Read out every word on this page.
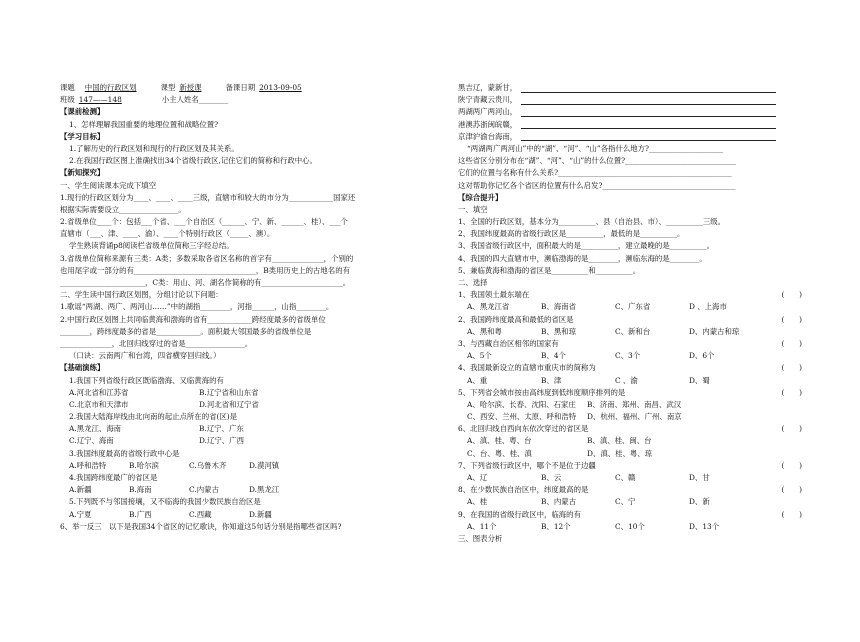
课题 中国的行政区划	课型 新授课	备课日期 2013-09-05
班级 147——148	小主人姓名________
【课前检测】
1、怎样理解我国重要的地理位置和战略位置?
【学习目标】
1.了解历史的行政区划和现行的行政区划及其关系。
2.在我国行政区图上准确找出34个省级行政区,记住它们的简称和行政中心。
【新知探究】
一、学生阅读课本完成下填空
1.现行的行政区划分为____、____、____三级，直辖市和较大的市分为____________国家还
根据实际需要设立________________。
2.省级单位____个：包括___个省、___个自治区（______、宁、新、______、桂）、___个
直辖市（___、津、____、渝）、____个特别行政区（_____、澳）。
学生熟读背诵p8阅读栏省级单位简称三字经总结。
3.省级单位简称来源有三类：A类；多数采取各省区名称的首字有______________，个别的
也用尾字或一部分的有_________________________________，B类用历史上的古地名的有
_______________________，C类：用山、河、湖名作简称的有______________________。
二、学生读中国行政区划图，分组讨论以下问题：
1.歌谣“两湖、两广、两河山……”中的湖指________，河指______，山指________。
2.中国行政区划图上共同临黄海和渤海的省有____________跨经度最多的省级单位
________，跨纬度最多的省是____________。面积最大邻国最多的省级单位是
______________，北回归线穿过的省是________________。
（口诀：云南两广和台湾，四省横穿回归线。）
【基础演练】
1.我国下列省级行政区既临渤海、又临黄海的有
A.河北省和江苏省	B.辽宁省和山东省
C.北京市和天津市	D.河北省和辽宁省
2.我国大陆海岸线由北向南的起止点所在的省(区)是
A.黑龙江、海南	B.辽宁、广东
C.辽宁、海南	D.辽宁、广西
3.我国纬度最高的省级行政中心是
A.呼和浩特	B.哈尔滨	C.乌鲁木齐	D.漠河镇
4.我国跨纬度最广的省区是
A.新疆	B.海南	C.内蒙古	D.黑龙江
5.下列既不与邻国接壤，又不临海的我国少数民族自治区是
A.宁夏	B.广西	C.西藏	D.新疆
6、举一反三　以下是我国34个省区的记忆歌诀，你知道这5句话分别是指哪些省区吗?
黑吉辽，蒙新甘，
陕宁青藏云贵川，
两湖两广两河山，
港澳苏浙闽皖赣，
京津沪渝台海南，
“两湖两广两河山”中的“湖”、“河”、“山”各指什么地方?____________________
这些省区分别分布在“湖”、“河”、“山”的什么位置?______________________________
它们的位置与名称有什么关系?_______________________________________________
这对帮助你记忆各个省区的位置有什么启发?____________________________________
【综合提升】
一、填空
1、全国的行政区划，基本分为__________、县（自治县、市）、__________三级。
2、我国纬度最高的省级行政区是__________，最低的是__________。
3、我国省级行政区中，面积最大的是__________，建立最晚的是__________。
4、我国的四大直辖市中，濒临渤海的是________，濒临东海的是________。
5、兼临黄海和渤海的省区是__________和__________。
二、选择
1、我国领土最东端在	(　　)
A、黑龙江省	B、海南省	C、广东省	D 、上海市
2、我国跨纬度最高和最低的省区是	(　　)
A、黑和粤	B、黑和琼	C、新和台	D、内蒙古和琼
3、与西藏自治区相邻的国家有	(　　)
A、5个	B、4个	C、3个	D、6个
4、我国最新设立的直辖市重庆市的简称为	(　　)
A、重	B、津	C 、渝	D、蜀
5、下列省会城市按由高纬度到低纬度顺序排列的是	(　　)
A、哈尔滨、长春、沈阳、石家庄 B、济南、郑州、南昌、武汉
C、西安、兰州、太原、呼和浩特 D、杭州、福州、广州、南京
6、北回归线自西向东依次穿过的省区是	(　　)
A、滇、桂、粤、台	B、滇、桂、闽、台
C、台、粤、桂、滇	D、滇、桂、粤、琼
7、下列省级行政区中，哪个不是位于边疆	(　　)
A、辽	B、云	C、赣	D、甘
8、在少数民族自治区中，纬度最高的是	(　　)
A、桂	B、内蒙古	C、宁	D、新
9、在我国的省级行政区中，临海的有	(　　)
A、11个	B、12个	C、10个	D、13个
三、图表分析
